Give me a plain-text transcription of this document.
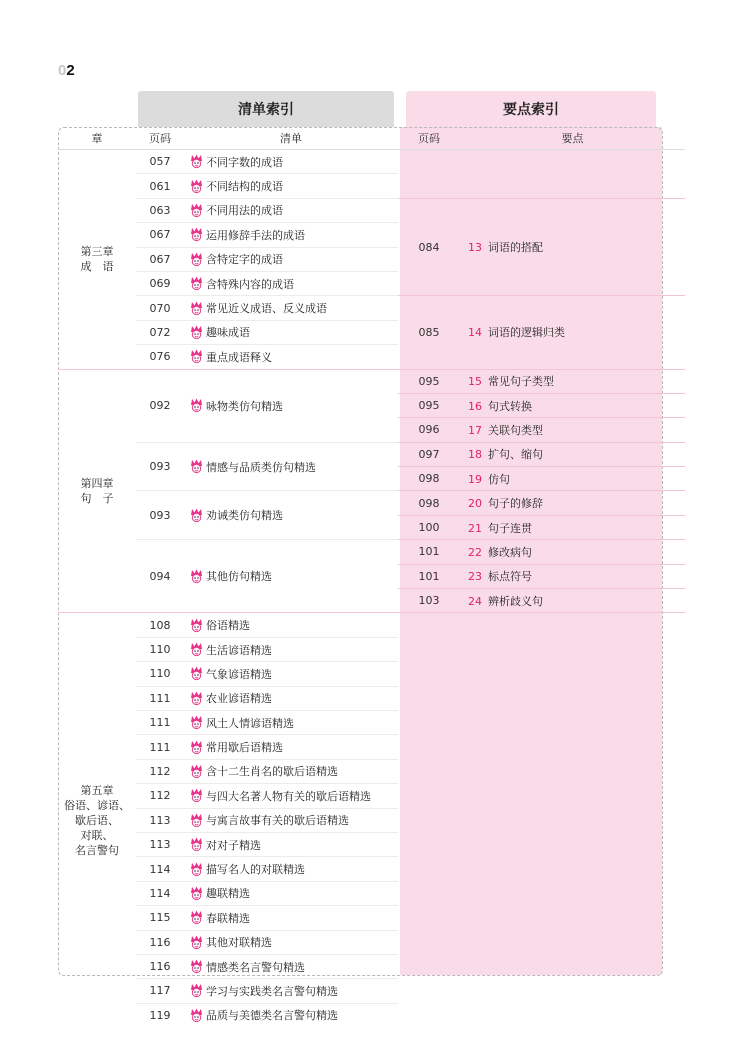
02
清单索引	要点索引
章	页码	清单	页码	要点

第三章
成　语	057	不同字数的成语		

	061	不同结构的成语		

	063	不同用法的成语	084	13 词语的搭配
	067	运用修辞手法的成语		

	067	含特定字的成语		

	069	含特殊内容的成语		

	070	常见近义成语、反义成语	085	14 词语的逻辑归类
	072	趣味成语		

	076	重点成语释义		

第四章
句　子	092	咏物类仿句精选	095	15 常见句子类型
			095	16 句式转换
			096	17 关联句类型
	093	情感与品质类仿句精选	097	18 扩句、缩句
			098	19 仿句
	093	劝诫类仿句精选	098	20 句子的修辞
			100	21 句子连贯
	094	其他仿句精选	101	22 修改病句
			101	23 标点符号
			103	24 辨析歧义句

第五章
俗语、谚语、
歇后语、
对联、
名言警句	108	俗语精选		

	110	生活谚语精选		

	110	气象谚语精选		

	111	农业谚语精选		

	111	风土人情谚语精选		

	111	常用歇后语精选		

	112	含十二生肖名的歇后语精选		

	112	与四大名著人物有关的歇后语精选		

	113	与寓言故事有关的歇后语精选		

	113	对对子精选		

	114	描写名人的对联精选		

	114	趣联精选		

	115	春联精选		

	116	其他对联精选		

	116	情感类名言警句精选		

	117	学习与实践类名言警句精选		

	119	品质与美德类名言警句精选		
